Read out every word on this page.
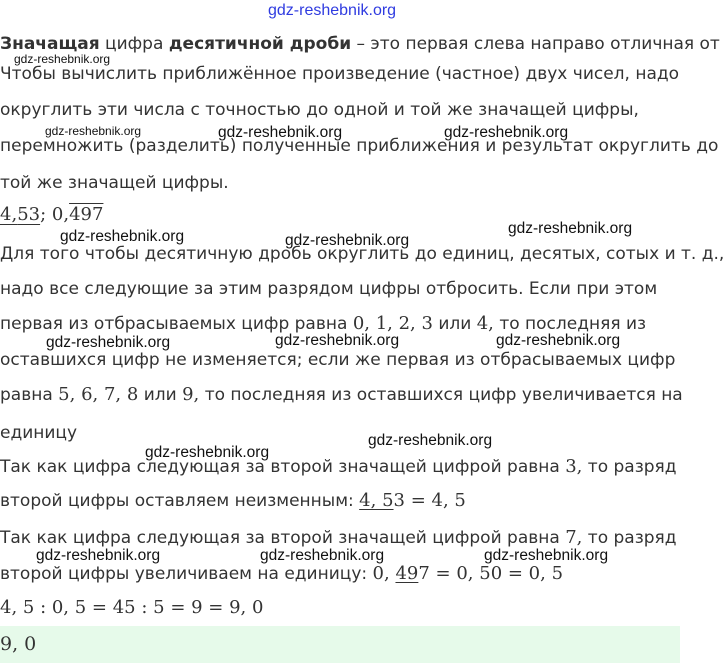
gdz-reshebnik.org
gdz-reshebnik.org
gdz-reshebnik.org	gdz-reshebnik.org	gdz-reshebnik.org
gdz-reshebnik.org
gdz-reshebnik.org	gdz-reshebnik.org
gdz-reshebnik.org	gdz-reshebnik.org
gdz-reshebnik.org
gdz-reshebnik.org
gdz-reshebnik.org
gdz-reshebnik.org	gdz-reshebnik.org	gdz-reshebnik.org
Значащая цифра десятичной дроби – это первая слева направо отличная от
Чтобы вычислить приближённое произведение (частное) двух чисел, надо
округлить эти числа с точностью до одной и той же значащей цифры,
перемножить (разделить) полученные приближения и результат округлить до
той же значащей цифры.
4,53; 0,497
Для того чтобы десятичную дробь округлить до единиц, десятых, сотых и т. д.,
надо все следующие за этим разрядом цифры отбросить. Если при этом
первая из отбрасываемых цифр равна 0, 1, 2, 3 или 4, то последняя из
оставшихся цифр не изменяется; если же первая из отбрасываемых цифр
равна 5, 6, 7, 8 или 9, то последняя из оставшихся цифр увеличивается на
единицу
Так как цифра следующая за второй значащей цифрой равна 3, то разряд
второй цифры оставляем неизменным: 4, 53 = 4, 5
Так как цифра следующая за второй значащей цифрой равна 7, то разряд
второй цифры увеличиваем на единицу: 0, 497 = 0, 50 = 0, 5
4, 5 : 0, 5 = 45 : 5 = 9 = 9, 0
9, 0
